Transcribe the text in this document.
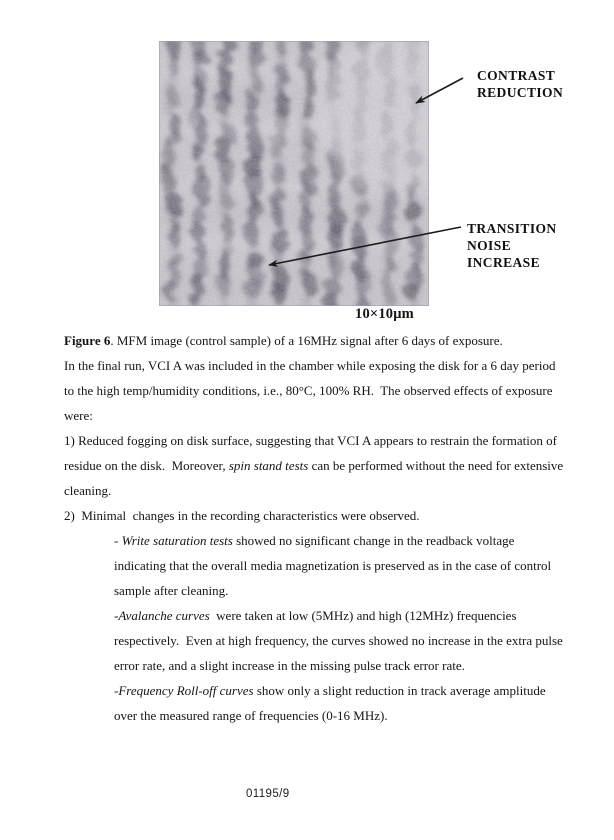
CONTRAST
REDUCTION
TRANSITION
NOISE
INCREASE
10×10μm

Figure 6. MFM image (control sample) of a 16MHz signal after 6 days of exposure.

In the final run, VCI A was included in the chamber while exposing the disk for a 6 day period to the high temp/humidity conditions, i.e., 80°C, 100% RH.  The observed effects of exposure were:

1) Reduced fogging on disk surface, suggesting that VCI A appears to restrain the formation of residue on the disk.  Moreover, spin stand tests can be performed without the need for extensive cleaning.

2)  Minimal  changes in the recording characteristics were observed.

- Write saturation tests showed no significant change in the readback voltage indicating that the overall media magnetization is preserved as in the case of control sample after cleaning.

-Avalanche curves  were taken at low (5MHz) and high (12MHz) frequencies respectively.  Even at high frequency, the curves showed no increase in the extra pulse error rate, and a slight increase in the missing pulse track error rate.

-Frequency Roll-off curves show only a slight reduction in track average amplitude over the measured range of frequencies (0-16 MHz).

01195/9
